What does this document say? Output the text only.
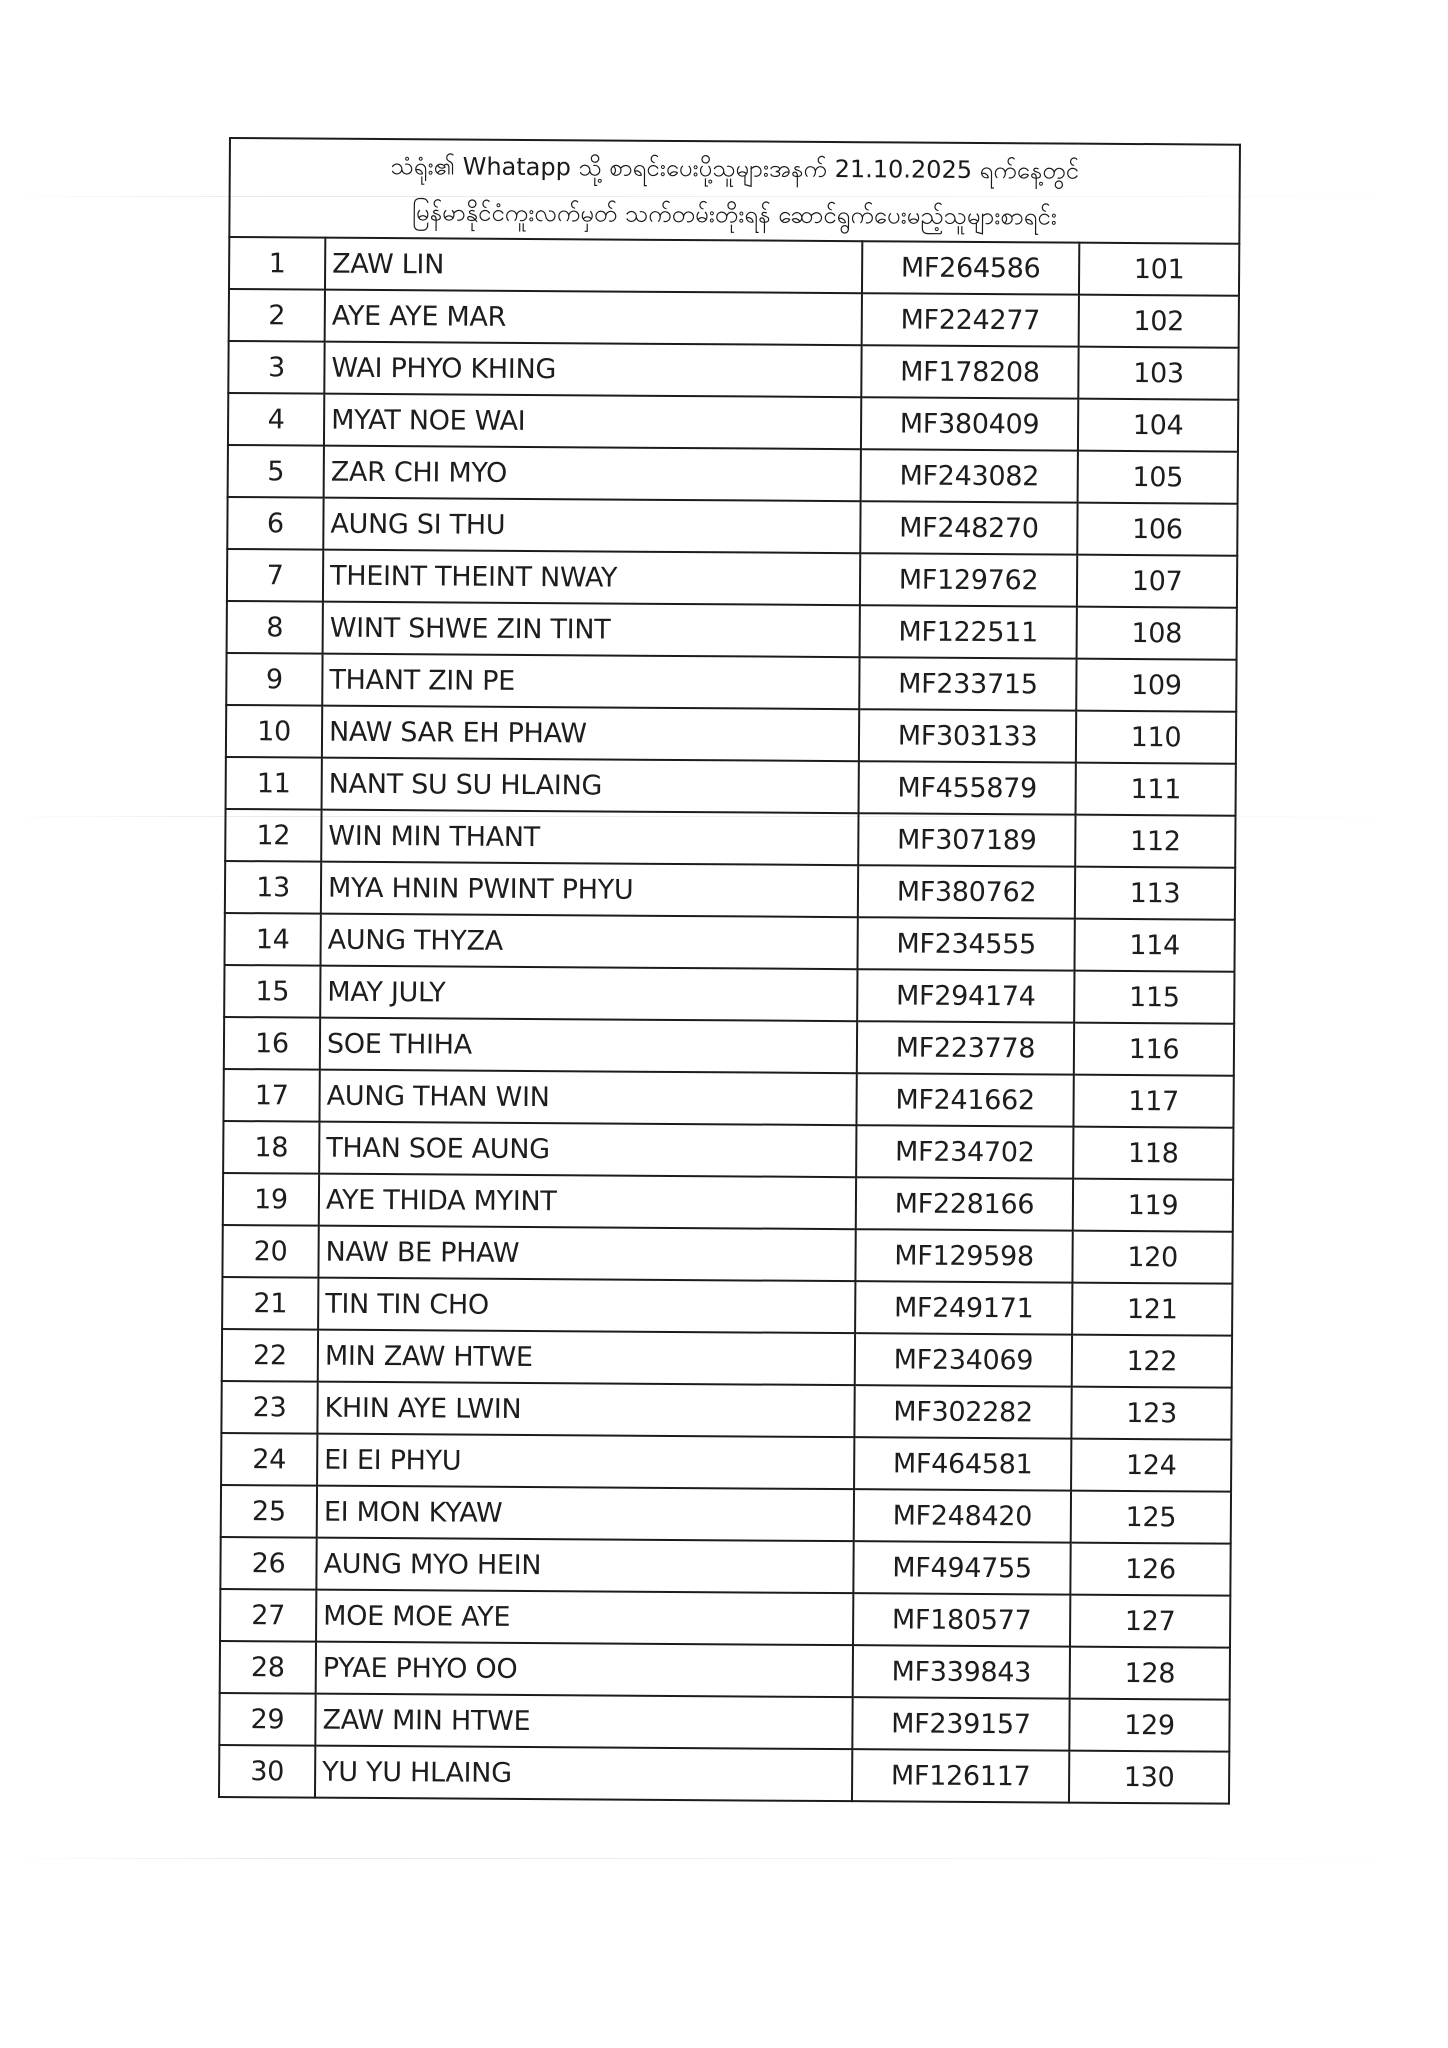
သံရုံး၏ Whatapp သို့ စာရင်းပေးပို့သူများအနက် 21.10.2025 ရက်နေ့တွင်
မြန်မာနိုင်ငံကူးလက်မှတ် သက်တမ်းတိုးရန် ဆောင်ရွက်ပေးမည့်သူများစာရင်း			

1	ZAW LIN	MF264586	101
2	AYE AYE MAR	MF224277	102
3	WAI PHYO KHING	MF178208	103
4	MYAT NOE WAI	MF380409	104
5	ZAR CHI MYO	MF243082	105
6	AUNG SI THU	MF248270	106
7	THEINT THEINT NWAY	MF129762	107
8	WINT SHWE ZIN TINT	MF122511	108
9	THANT ZIN PE	MF233715	109
10	NAW SAR EH PHAW	MF303133	110
11	NANT SU SU HLAING	MF455879	111
12	WIN MIN THANT	MF307189	112
13	MYA HNIN PWINT PHYU	MF380762	113
14	AUNG THYZA	MF234555	114
15	MAY JULY	MF294174	115
16	SOE THIHA	MF223778	116
17	AUNG THAN WIN	MF241662	117
18	THAN SOE AUNG	MF234702	118
19	AYE THIDA MYINT	MF228166	119
20	NAW BE PHAW	MF129598	120
21	TIN TIN CHO	MF249171	121
22	MIN ZAW HTWE	MF234069	122
23	KHIN AYE LWIN	MF302282	123
24	EI EI PHYU	MF464581	124
25	EI MON KYAW	MF248420	125
26	AUNG MYO HEIN	MF494755	126
27	MOE MOE AYE	MF180577	127
28	PYAE PHYO OO	MF339843	128
29	ZAW MIN HTWE	MF239157	129
30	YU YU HLAING	MF126117	130
